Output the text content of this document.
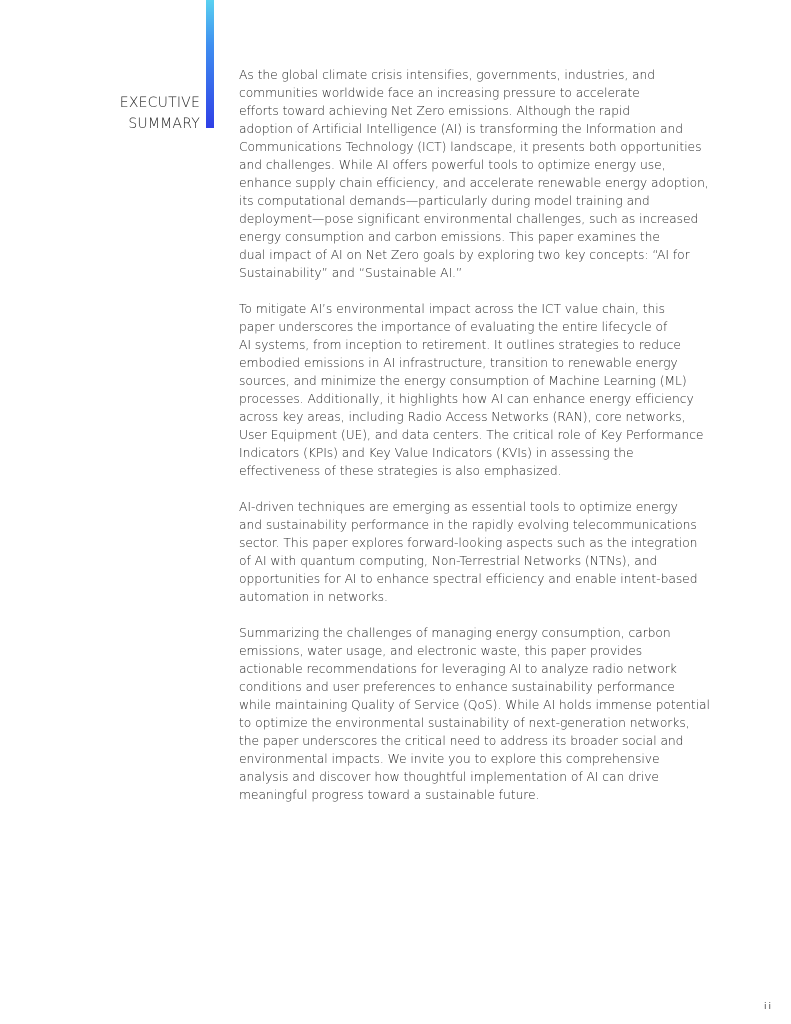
EXECUTIVE
SUMMARY
As the global climate crisis intensifies, governments, industries, and
communities worldwide face an increasing pressure to accelerate
efforts toward achieving Net Zero emissions. Although the rapid
adoption of Artificial Intelligence (AI) is transforming the Information and
Communications Technology (ICT) landscape, it presents both opportunities
and challenges. While AI offers powerful tools to optimize energy use,
enhance supply chain efficiency, and accelerate renewable energy adoption,
its computational demands—particularly during model training and
deployment—pose significant environmental challenges, such as increased
energy consumption and carbon emissions. This paper examines the
dual impact of AI on Net Zero goals by exploring two key concepts: “AI for
Sustainability” and “Sustainable AI.”
To mitigate AI’s environmental impact across the ICT value chain, this
paper underscores the importance of evaluating the entire lifecycle of
AI systems, from inception to retirement. It outlines strategies to reduce
embodied emissions in AI infrastructure, transition to renewable energy
sources, and minimize the energy consumption of Machine Learning (ML)
processes. Additionally, it highlights how AI can enhance energy efficiency
across key areas, including Radio Access Networks (RAN), core networks,
User Equipment (UE), and data centers. The critical role of Key Performance
Indicators (KPIs) and Key Value Indicators (KVIs) in assessing the
effectiveness of these strategies is also emphasized.
AI-driven techniques are emerging as essential tools to optimize energy
and sustainability performance in the rapidly evolving telecommunications
sector. This paper explores forward-looking aspects such as the integration
of AI with quantum computing, Non-Terrestrial Networks (NTNs), and
opportunities for AI to enhance spectral efficiency and enable intent-based
automation in networks.
Summarizing the challenges of managing energy consumption, carbon
emissions, water usage, and electronic waste, this paper provides
actionable recommendations for leveraging AI to analyze radio network
conditions and user preferences to enhance sustainability performance
while maintaining Quality of Service (QoS). While AI holds immense potential
to optimize the environmental sustainability of next-generation networks,
the paper underscores the critical need to address its broader social and
environmental impacts. We invite you to explore this comprehensive
analysis and discover how thoughtful implementation of AI can drive
meaningful progress toward a sustainable future.
ii
